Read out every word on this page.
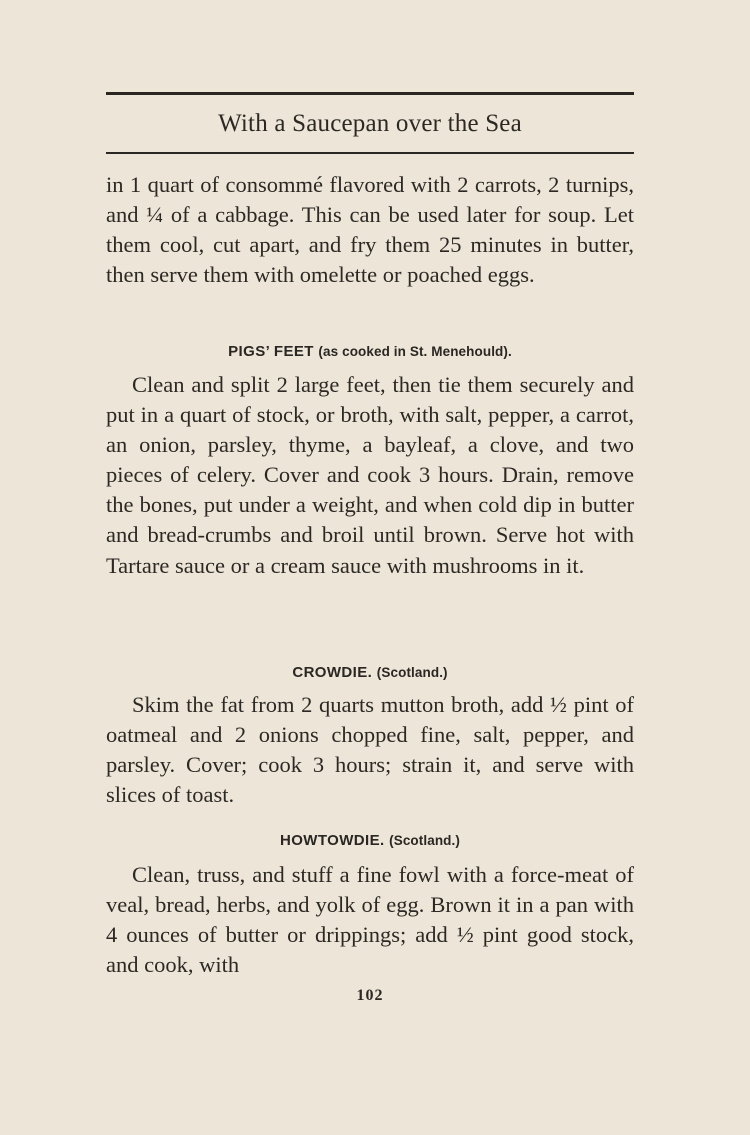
With a Saucepan over the Sea

in 1 quart of consommé flavored with 2 carrots, 2 turnips, and ¼ of a cabbage. This can be used later for soup. Let them cool, cut apart, and fry them 25 minutes in butter, then serve them with omelette or poached eggs.

PIGS’ FEET (as cooked in St. Menehould).

Clean and split 2 large feet, then tie them securely and put in a quart of stock, or broth, with salt, pepper, a carrot, an onion, parsley, thyme, a bayleaf, a clove, and two pieces of celery. Cover and cook 3 hours. Drain, remove the bones, put under a weight, and when cold dip in butter and bread-crumbs and broil until brown. Serve hot with Tartare sauce or a cream sauce with mushrooms in it.

CROWDIE. (Scotland.)

Skim the fat from 2 quarts mutton broth, add ½ pint of oatmeal and 2 onions chopped fine, salt, pepper, and parsley. Cover; cook 3 hours; strain it, and serve with slices of toast.

HOWTOWDIE. (Scotland.)

Clean, truss, and stuff a fine fowl with a force-meat of veal, bread, herbs, and yolk of egg. Brown it in a pan with 4 ounces of butter or drippings; add ½ pint good stock, and cook, with

102
